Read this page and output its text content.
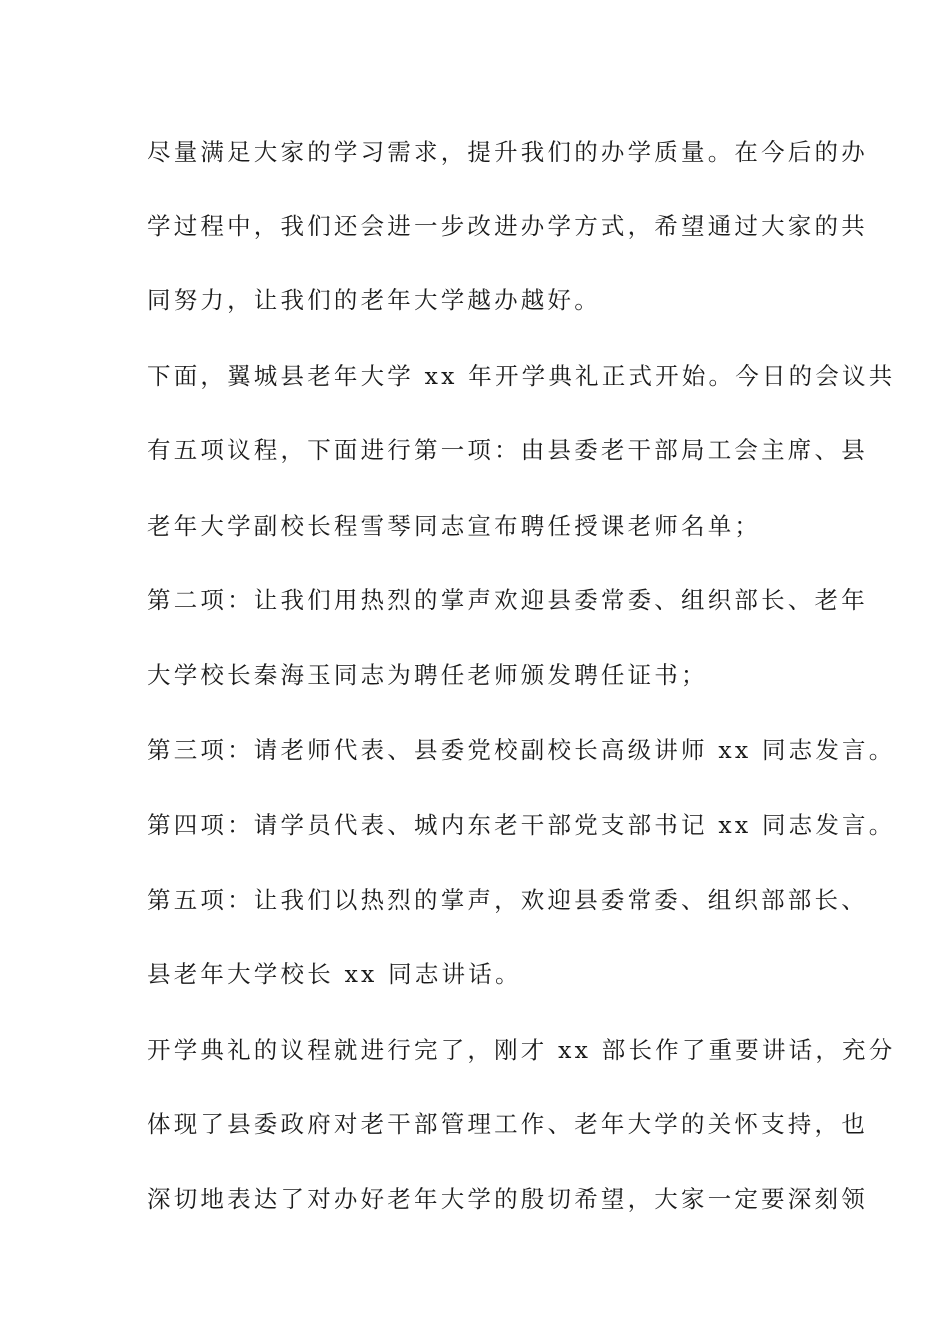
尽量满足大家的学习需求，提升我们的办学质量。在今后的办
学过程中，我们还会进一步改进办学方式，希望通过大家的共
同努力，让我们的老年大学越办越好。
下面，翼城县老年大学 xx 年开学典礼正式开始。今日的会议共
有五项议程，下面进行第一项：由县委老干部局工会主席、县
老年大学副校长程雪琴同志宣布聘任授课老师名单；
第二项：让我们用热烈的掌声欢迎县委常委、组织部长、老年
大学校长秦海玉同志为聘任老师颁发聘任证书；
第三项：请老师代表、县委党校副校长高级讲师 xx 同志发言。
第四项：请学员代表、城内东老干部党支部书记 xx 同志发言。
第五项：让我们以热烈的掌声，欢迎县委常委、组织部部长、
县老年大学校长 xx 同志讲话。
开学典礼的议程就进行完了，刚才 xx 部长作了重要讲话，充分
体现了县委政府对老干部管理工作、老年大学的关怀支持，也
深切地表达了对办好老年大学的殷切希望，大家一定要深刻领
